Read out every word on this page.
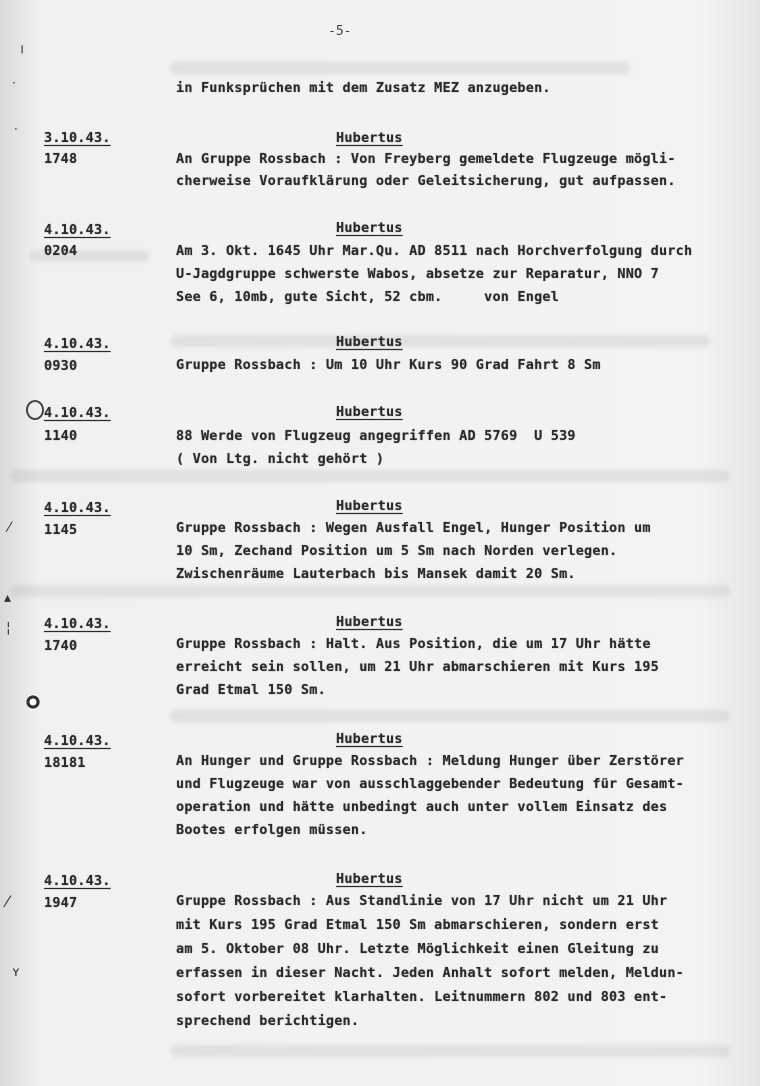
-5-
╷
·
·
⁄
▴
¦
⁄
ʏ
in Funksprüchen mit dem Zusatz MEZ anzugeben.
3.10.43.
1748
Hubertus
An Gruppe Rossbach : Von Freyberg gemeldete Flugzeuge mögli-
cherweise Voraufklärung oder Geleitsicherung, gut aufpassen.
4.10.43.
0204
Hubertus
Am 3. Okt. 1645 Uhr Mar.Qu. AD 8511 nach Horchverfolgung durch
U-Jagdgruppe schwerste Wabos, absetze zur Reparatur, NNO 7
See 6, 10mb, gute Sicht, 52 cbm.     von Engel
4.10.43.
0930
Hubertus
Gruppe Rossbach : Um 10 Uhr Kurs 90 Grad Fahrt 8 Sm
4.10.43.
1140
Hubertus
88 Werde von Flugzeug angegriffen AD 5769  U 539
( Von Ltg. nicht gehört )
4.10.43.
1145
Hubertus
Gruppe Rossbach : Wegen Ausfall Engel, Hunger Position um
10 Sm, Zechand Position um 5 Sm nach Norden verlegen.
Zwischenräume Lauterbach bis Mansek damit 20 Sm.
4.10.43.
1740
Hubertus
Gruppe Rossbach : Halt. Aus Position, die um 17 Uhr hätte
erreicht sein sollen, um 21 Uhr abmarschieren mit Kurs 195
Grad Etmal 150 Sm.
4.10.43.
18181
Hubertus
An Hunger und Gruppe Rossbach : Meldung Hunger über Zerstörer
und Flugzeuge war von ausschlaggebender Bedeutung für Gesamt-
operation und hätte unbedingt auch unter vollem Einsatz des
Bootes erfolgen müssen.
4.10.43.
1947
Hubertus
Gruppe Rossbach : Aus Standlinie von 17 Uhr nicht um 21 Uhr
mit Kurs 195 Grad Etmal 150 Sm abmarschieren, sondern erst
am 5. Oktober 08 Uhr. Letzte Möglichkeit einen Gleitung zu
erfassen in dieser Nacht. Jeden Anhalt sofort melden, Meldun-
sofort vorbereitet klarhalten. Leitnummern 802 und 803 ent-
sprechend berichtigen.
